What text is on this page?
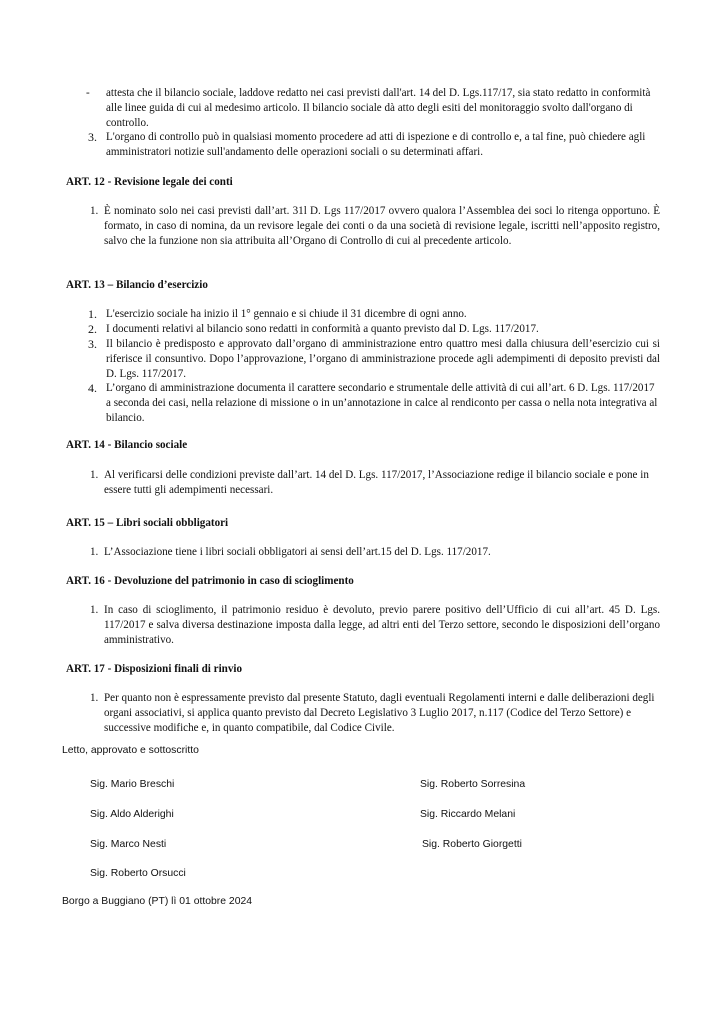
-	attesta che il bilancio sociale, laddove redatto nei casi previsti dall'art. 14 del D. Lgs.117/17, sia stato redatto in conformità alle linee guida di cui al medesimo articolo. Il bilancio sociale dà atto degli esiti del monitoraggio svolto dall'organo di controllo.
3. L'organo di controllo può in qualsiasi momento procedere ad atti di ispezione e di controllo e, a tal fine, può chiedere agli amministratori notizie sull'andamento delle operazioni sociali o su determinati affari.
ART. 12 - Revisione legale dei conti
1. È nominato solo nei casi previsti dall’art. 31l D. Lgs 117/2017 ovvero qualora l’Assemblea dei soci lo ritenga opportuno. È formato, in caso di nomina, da un revisore legale dei conti o da una società di revisione legale, iscritti nell’apposito registro, salvo che la funzione non sia attribuita all’Organo di Controllo di cui al precedente articolo.
ART. 13 – Bilancio d’esercizio
1. L'esercizio sociale ha inizio il 1° gennaio e si chiude il 31 dicembre di ogni anno.
2. I documenti relativi al bilancio sono redatti in conformità a quanto previsto dal D. Lgs. 117/2017.
3. Il bilancio è predisposto e approvato dall’organo di amministrazione entro quattro mesi dalla chiusura dell’esercizio cui si riferisce il consuntivo. Dopo l’approvazione, l’organo di amministrazione procede agli adempimenti di deposito previsti dal D. Lgs. 117/2017.
4. L’organo di amministrazione documenta il carattere secondario e strumentale delle attività di cui all’art. 6 D. Lgs. 117/2017 a seconda dei casi, nella relazione di missione o in un’annotazione in calce al rendiconto per cassa o nella nota integrativa al bilancio.
ART. 14 - Bilancio sociale
1. Al verificarsi delle condizioni previste dall’art. 14 del D. Lgs. 117/2017, l’Associazione redige il bilancio sociale e pone in essere tutti gli adempimenti necessari.
ART. 15 – Libri sociali obbligatori
1. L’Associazione tiene i libri sociali obbligatori ai sensi dell’art.15 del D. Lgs. 117/2017.
ART. 16 - Devoluzione del patrimonio in caso di scioglimento
1. In caso di scioglimento, il patrimonio residuo è devoluto, previo parere positivo dell’Ufficio di cui all’art. 45 D. Lgs. 117/2017 e salva diversa destinazione imposta dalla legge, ad altri enti del Terzo settore, secondo le disposizioni dell’organo amministrativo.
ART. 17 - Disposizioni finali di rinvio
1. Per quanto non è espressamente previsto dal presente Statuto, dagli eventuali Regolamenti interni e dalle deliberazioni degli organi associativi, si applica quanto previsto dal Decreto Legislativo 3 Luglio 2017, n.117 (Codice del Terzo Settore) e successive modifiche e, in quanto compatibile, dal Codice Civile.
Letto, approvato e sottoscritto
Sig. Mario Breschi
Sig. Aldo Alderighi
Sig. Marco Nesti
Sig. Roberto Orsucci
Sig. Roberto Sorresina
Sig. Riccardo Melani
Sig. Roberto Giorgetti
Borgo a Buggiano (PT) lì 01 ottobre 2024
